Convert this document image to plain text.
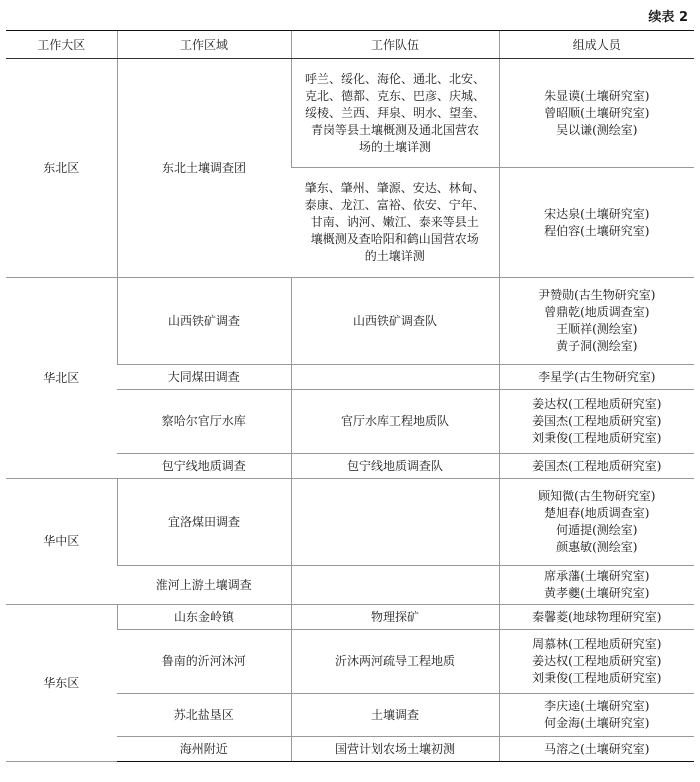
续表 2
工作大区	工作区域	工作队伍	组成人员
东北区	东北土壤调查团	呼兰、绥化、海伦、通北、北安、
克北、德都、克东、巴彦、庆城、
绥棱、兰西、拜泉、明水、望奎、
青岗等县土壤概测及通北国营农
场的土壤详测	朱显谟(土壤研究室)
曾昭顺(土壤研究室)
吴以谦(测绘室)

		肇东、肇州、肇源、安达、林甸、
泰康、龙江、富裕、依安、宁年、
甘南、讷河、嫩江、泰来等县土
壤概测及查哈阳和鹤山国营农场
的土壤详测	宋达泉(土壤研究室)
程伯容(土壤研究室)

华北区	山西铁矿调查	山西铁矿调查队	尹赞勋(古生物研究室)
曾鼎乾(地质调查室)
王顺祥(测绘室)
黄子洞(测绘室)

	大同煤田调查		李星学(古生物研究室)

	察哈尔官厅水库	官厅水库工程地质队	姜达权(工程地质研究室)
姜国杰(工程地质研究室)
刘秉俊(工程地质研究室)

	包宁线地质调查	包宁线地质调查队	姜国杰(工程地质研究室)

华中区	宜洛煤田调查		顾知微(古生物研究室)
楚旭春(地质调查室)
何遁提(测绘室)
颜惠敏(测绘室)

	淮河上游土壤调查		席承藩(土壤研究室)
黄孝夔(土壤研究室)

华东区	山东金岭镇	物理探矿	秦馨菱(地球物理研究室)

	鲁南的沂河沐河	沂沐两河疏导工程地质	周慕林(工程地质研究室)
姜达权(工程地质研究室)
刘秉俊(工程地质研究室)

	苏北盐垦区	土壤调查	李庆逵(土壤研究室)
何金海(土壤研究室)

	海州附近	国营计划农场土壤初测	马溶之(土壤研究室)
